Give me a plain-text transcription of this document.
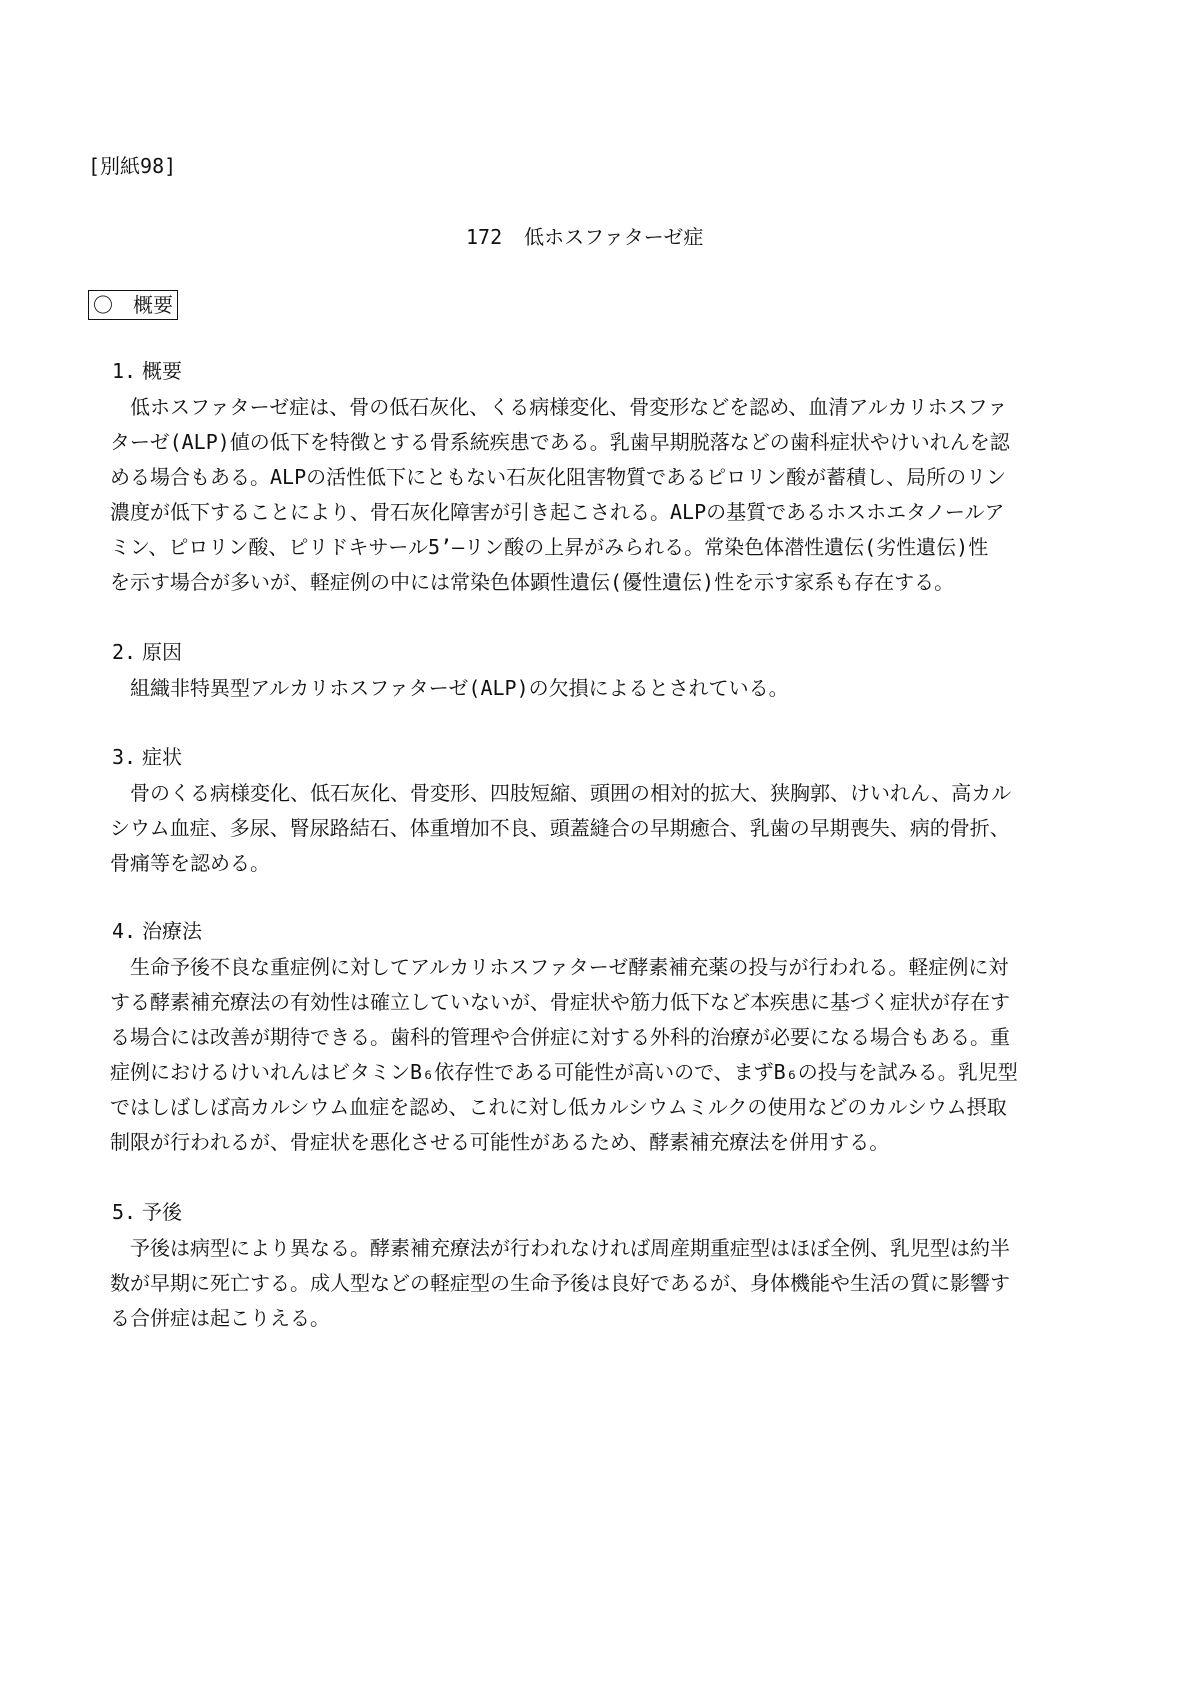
[別紙98]
172 低ホスファターゼ症
〇 概要
1. 概要
低ホスファターゼ症は、骨の低石灰化、くる病様変化、骨変形などを認め、血清アルカリホスファ
ターゼ(ALP)値の低下を特徴とする骨系統疾患である。乳歯早期脱落などの歯科症状やけいれんを認
める場合もある。ALPの活性低下にともない石灰化阻害物質であるピロリン酸が蓄積し、局所のリン
濃度が低下することにより、骨石灰化障害が引き起こされる。ALPの基質であるホスホエタノールア
ミン、ピロリン酸、ピリドキサール5’―リン酸の上昇がみられる。常染色体潜性遺伝(劣性遺伝)性
を示す場合が多いが、軽症例の中には常染色体顕性遺伝(優性遺伝)性を示す家系も存在する。
2. 原因
組織非特異型アルカリホスファターゼ(ALP)の欠損によるとされている。
3. 症状
骨のくる病様変化、低石灰化、骨変形、四肢短縮、頭囲の相対的拡大、狭胸郭、けいれん、高カル
シウム血症、多尿、腎尿路結石、体重増加不良、頭蓋縫合の早期癒合、乳歯の早期喪失、病的骨折、
骨痛等を認める。
4. 治療法
生命予後不良な重症例に対してアルカリホスファターゼ酵素補充薬の投与が行われる。軽症例に対
する酵素補充療法の有効性は確立していないが、骨症状や筋力低下など本疾患に基づく症状が存在す
る場合には改善が期待できる。歯科的管理や合併症に対する外科的治療が必要になる場合もある。重
症例におけるけいれんはビタミンB₆依存性である可能性が高いので、まずB₆の投与を試みる。乳児型
ではしばしば高カルシウム血症を認め、これに対し低カルシウムミルクの使用などのカルシウム摂取
制限が行われるが、骨症状を悪化させる可能性があるため、酵素補充療法を併用する。
5. 予後
予後は病型により異なる。酵素補充療法が行われなければ周産期重症型はほぼ全例、乳児型は約半
数が早期に死亡する。成人型などの軽症型の生命予後は良好であるが、身体機能や生活の質に影響す
る合併症は起こりえる。
